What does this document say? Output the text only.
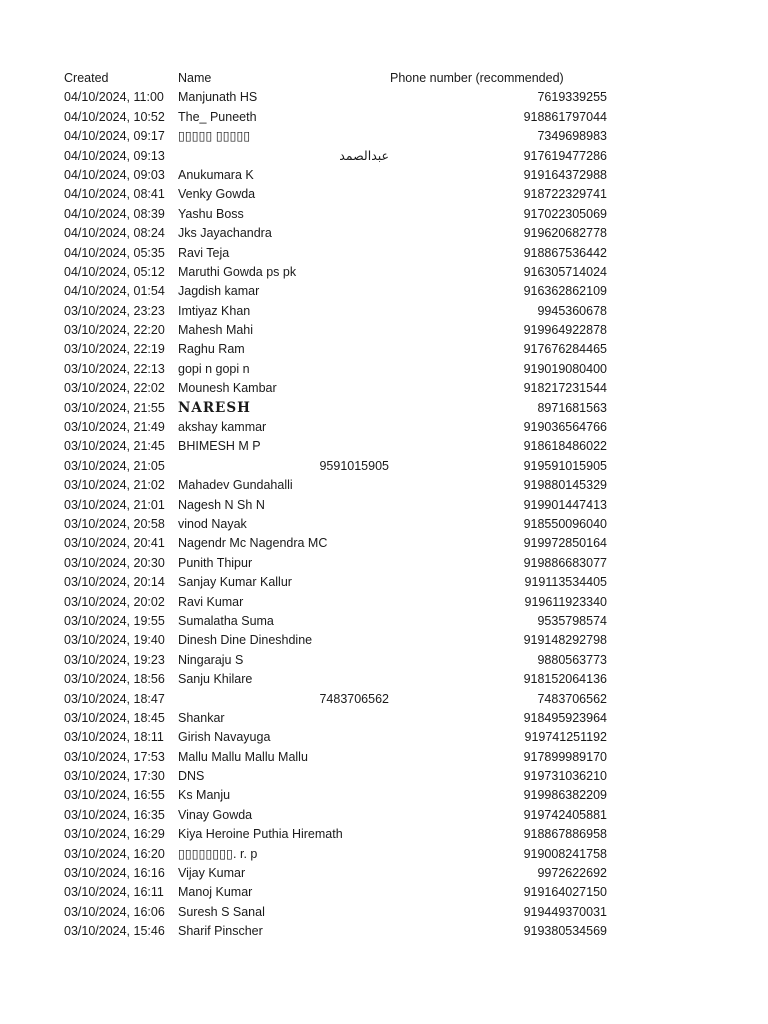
Created	Name	Phone number (recommended)
04/10/2024, 11:00	Manjunath HS	7619339255
04/10/2024, 10:52	The_ Puneeth	918861797044
04/10/2024, 09:17	▯▯▯▯▯ ▯▯▯▯▯	7349698983
04/10/2024, 09:13	عبدالصمد	917619477286
04/10/2024, 09:03	Anukumara K	919164372988
04/10/2024, 08:41	Venky Gowda	918722329741
04/10/2024, 08:39	Yashu Boss	917022305069
04/10/2024, 08:24	Jks Jayachandra	919620682778
04/10/2024, 05:35	Ravi Teja	918867536442
04/10/2024, 05:12	Maruthi Gowda ps pk	916305714024
04/10/2024, 01:54	Jagdish kamar	916362862109
03/10/2024, 23:23	Imtiyaz Khan	9945360678
03/10/2024, 22:20	Mahesh Mahi	919964922878
03/10/2024, 22:19	Raghu Ram	917676284465
03/10/2024, 22:13	gopi n gopi n	919019080400
03/10/2024, 22:02	Mounesh Kambar	918217231544
03/10/2024, 21:55 NARESH	8971681563
03/10/2024, 21:49	akshay kammar	919036564766
03/10/2024, 21:45	BHIMESH M P	918618486022
03/10/2024, 21:05	9591015905	919591015905
03/10/2024, 21:02	Mahadev Gundahalli	919880145329
03/10/2024, 21:01	Nagesh N Sh N	919901447413
03/10/2024, 20:58	vinod Nayak	918550096040
03/10/2024, 20:41	Nagendr Mc Nagendra MC	919972850164
03/10/2024, 20:30	Punith Thipur	919886683077
03/10/2024, 20:14	Sanjay Kumar Kallur	919113534405
03/10/2024, 20:02	Ravi Kumar	919611923340
03/10/2024, 19:55	Sumalatha Suma	9535798574
03/10/2024, 19:40	Dinesh Dine Dineshdine	919148292798
03/10/2024, 19:23	Ningaraju S	9880563773
03/10/2024, 18:56	Sanju Khilare	918152064136
03/10/2024, 18:47	7483706562	7483706562
03/10/2024, 18:45	Shankar	918495923964
03/10/2024, 18:11	Girish Navayuga	919741251192
03/10/2024, 17:53	Mallu Mallu Mallu Mallu	917899989170
03/10/2024, 17:30	DNS	919731036210
03/10/2024, 16:55	Ks Manju	919986382209
03/10/2024, 16:35	Vinay Gowda	919742405881
03/10/2024, 16:29	Kiya Heroine Puthia Hiremath	918867886958
03/10/2024, 16:20	▯▯▯▯▯▯▯▯. r. p	919008241758
03/10/2024, 16:16	Vijay Kumar	9972622692
03/10/2024, 16:11	Manoj Kumar	919164027150
03/10/2024, 16:06	Suresh S Sanal	919449370031
03/10/2024, 15:46	Sharif Pinscher	919380534569
